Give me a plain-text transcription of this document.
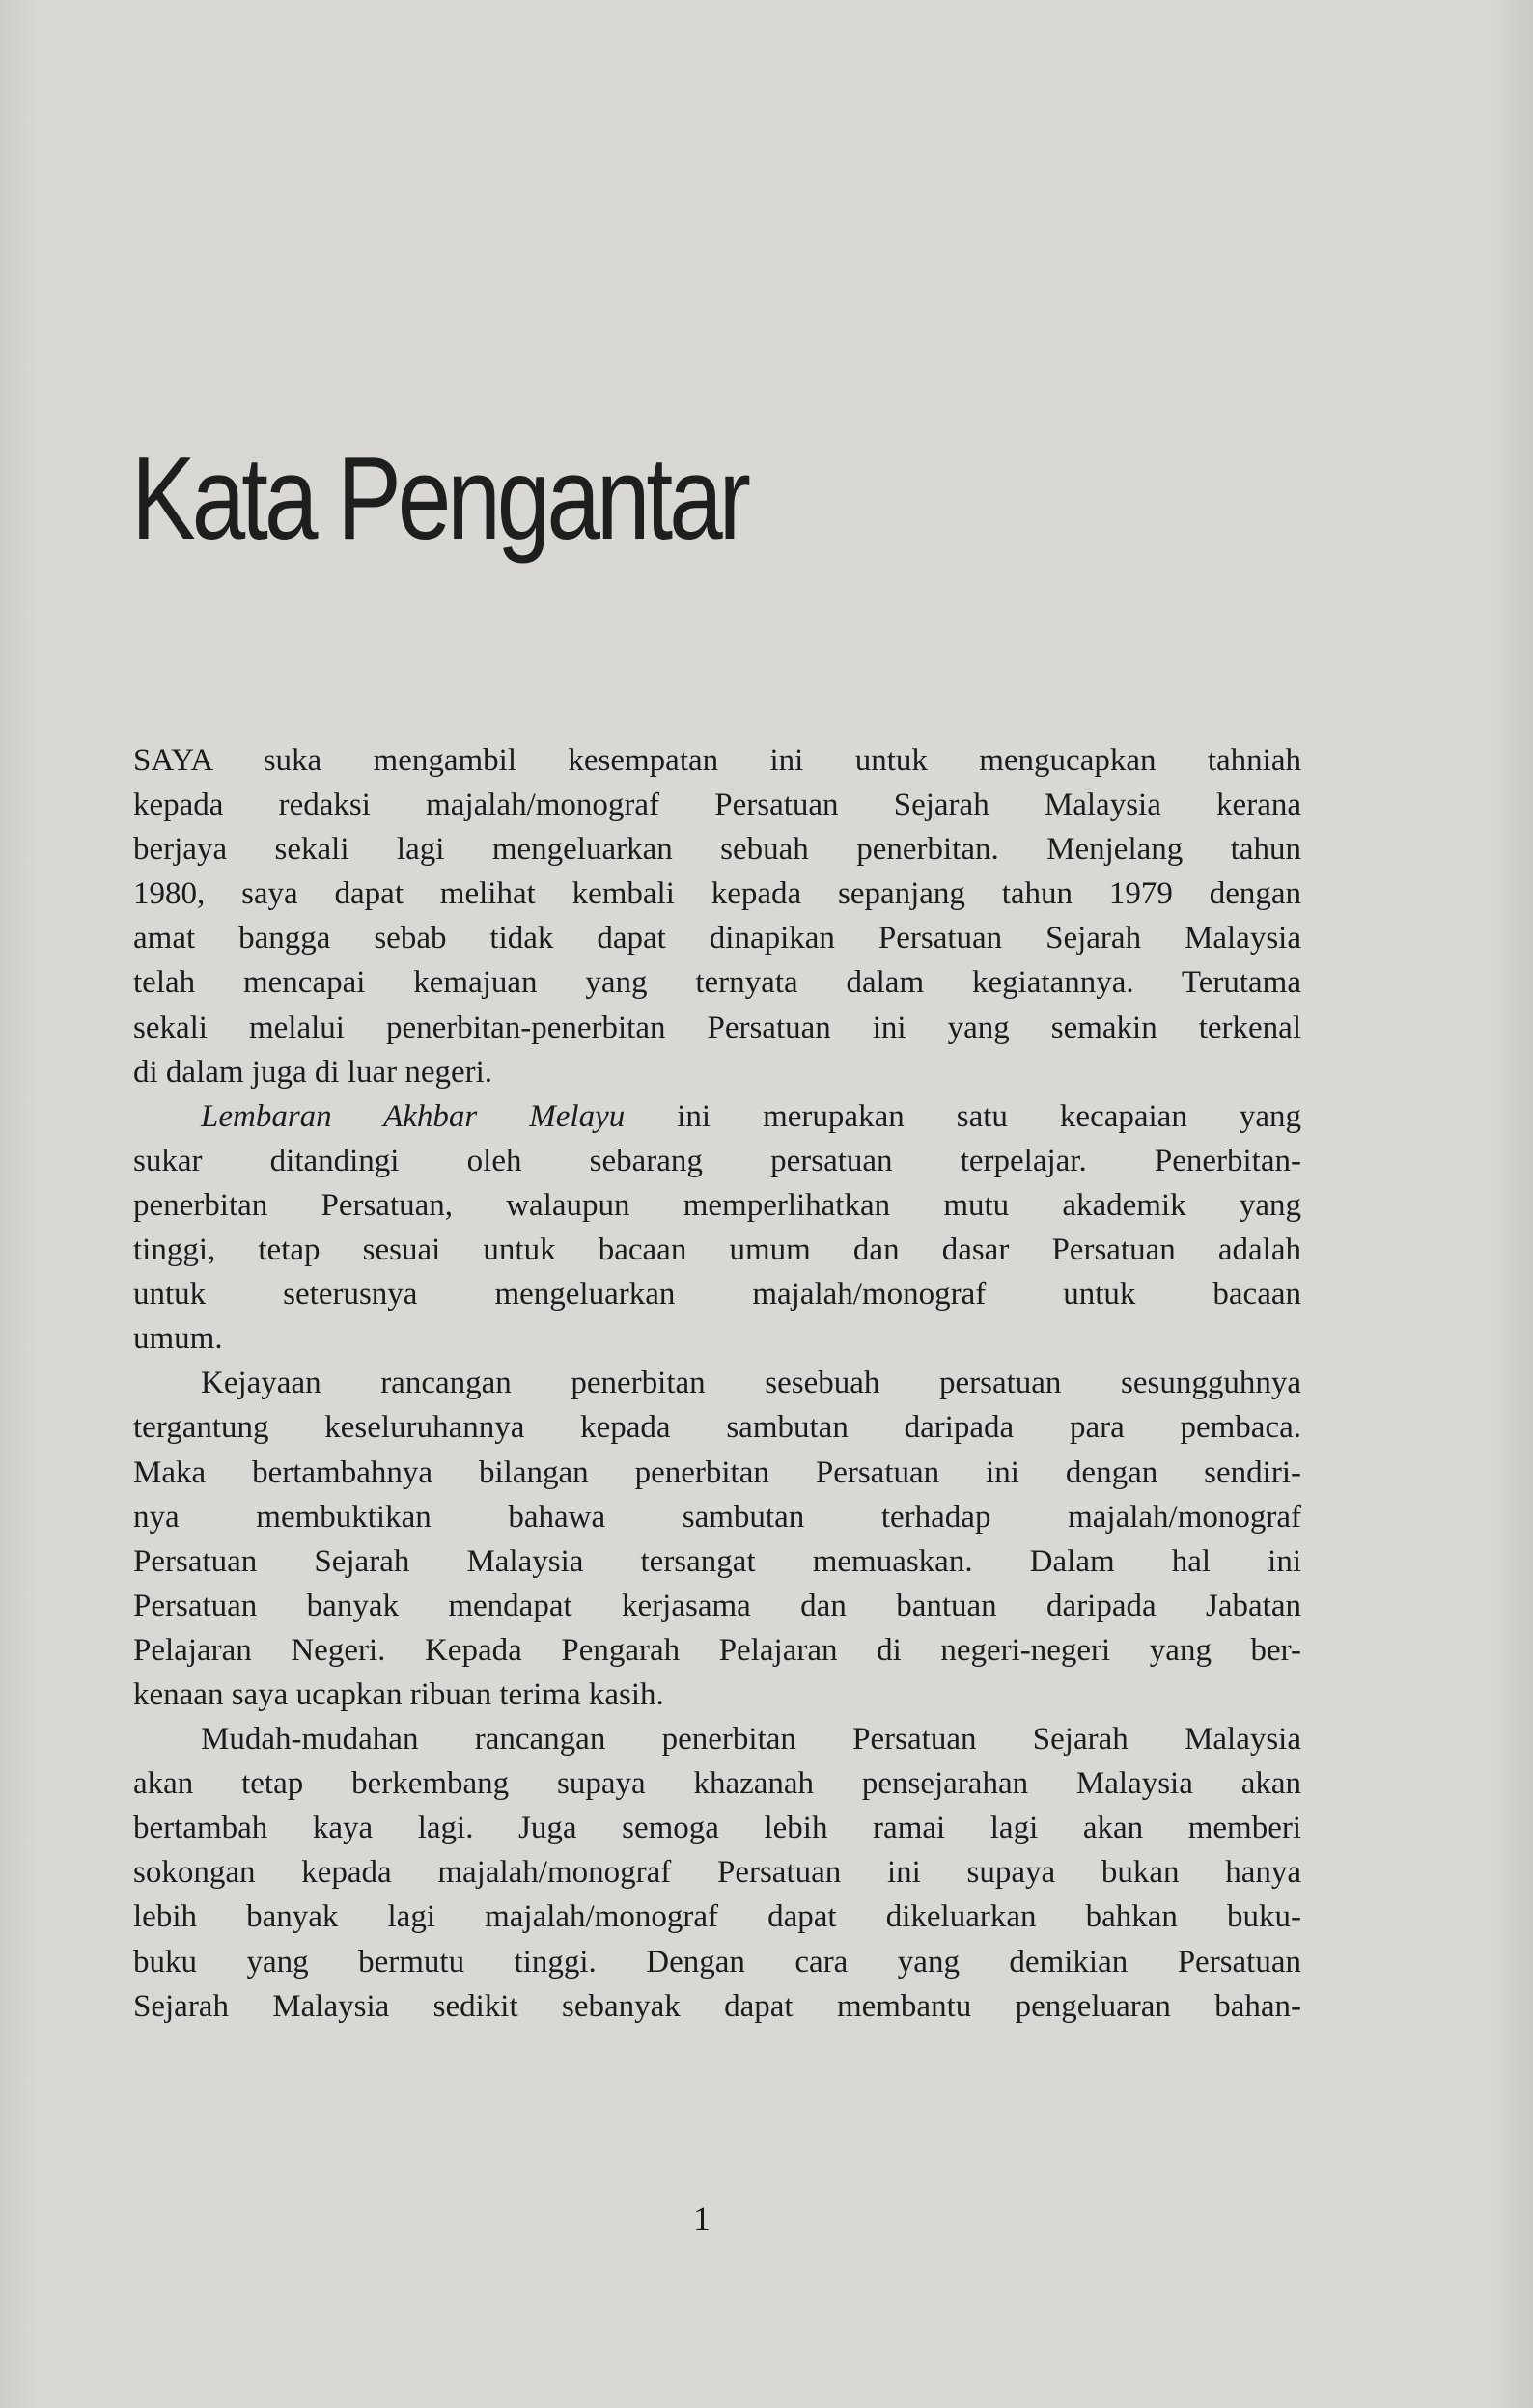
Kata Pengantar
SAYA suka mengambil kesempatan ini untuk mengucapkan tahniah
kepada redaksi majalah/monograf Persatuan Sejarah Malaysia kerana
berjaya sekali lagi mengeluarkan sebuah penerbitan. Menjelang tahun
1980, saya dapat melihat kembali kepada sepanjang tahun 1979 dengan
amat bangga sebab tidak dapat dinapikan Persatuan Sejarah Malaysia
telah mencapai kemajuan yang ternyata dalam kegiatannya. Terutama
sekali melalui penerbitan-penerbitan Persatuan ini yang semakin terkenal
di dalam juga di luar negeri.
Lembaran Akhbar Melayu ini merupakan satu kecapaian yang
sukar ditandingi oleh sebarang persatuan terpelajar. Penerbitan-
penerbitan Persatuan, walaupun memperlihatkan mutu akademik yang
tinggi, tetap sesuai untuk bacaan umum dan dasar Persatuan adalah
untuk seterusnya mengeluarkan majalah/monograf untuk bacaan
umum.
Kejayaan rancangan penerbitan sesebuah persatuan sesungguhnya
tergantung keseluruhannya kepada sambutan daripada para pembaca.
Maka bertambahnya bilangan penerbitan Persatuan ini dengan sendiri-
nya membuktikan bahawa sambutan terhadap majalah/monograf
Persatuan Sejarah Malaysia tersangat memuaskan. Dalam hal ini
Persatuan banyak mendapat kerjasama dan bantuan daripada Jabatan
Pelajaran Negeri. Kepada Pengarah Pelajaran di negeri-negeri yang ber-
kenaan saya ucapkan ribuan terima kasih.
Mudah-mudahan rancangan penerbitan Persatuan Sejarah Malaysia
akan tetap berkembang supaya khazanah pensejarahan Malaysia akan
bertambah kaya lagi. Juga semoga lebih ramai lagi akan memberi
sokongan kepada majalah/monograf Persatuan ini supaya bukan hanya
lebih banyak lagi majalah/monograf dapat dikeluarkan bahkan buku-
buku yang bermutu tinggi. Dengan cara yang demikian Persatuan
Sejarah Malaysia sedikit sebanyak dapat membantu pengeluaran bahan-
1
